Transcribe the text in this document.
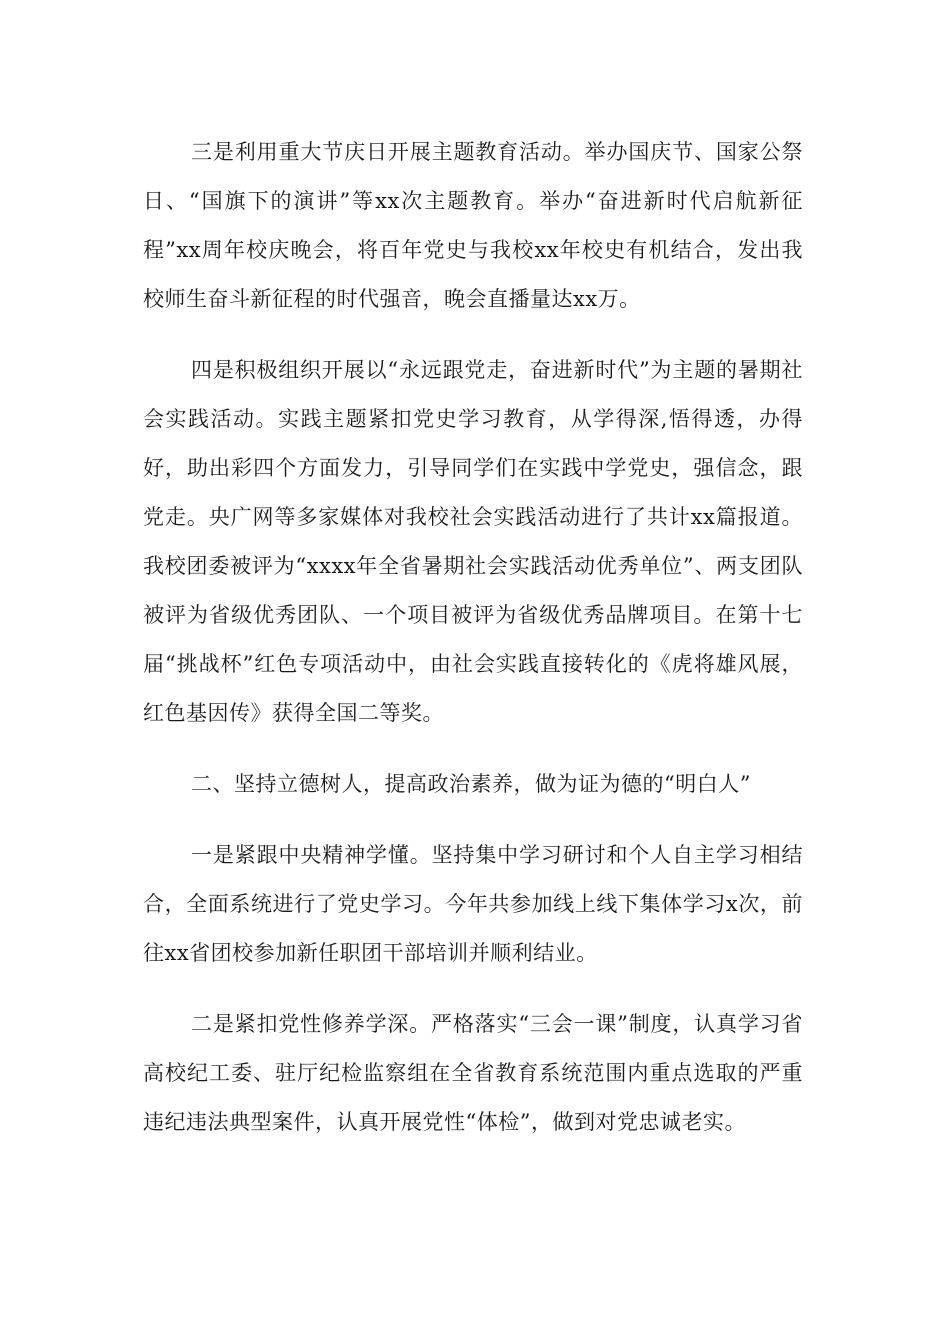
三是利用重大节庆日开展主题教育活动。举办国庆节、国家公祭日、“国旗下的演讲”等xx次主题教育。举办“奋进新时代启航新征程”xx周年校庆晚会，将百年党史与我校xx年校史有机结合，发出我校师生奋斗新征程的时代强音，晚会直播量达xx万。

四是积极组织开展以“永远跟党走，奋进新时代”为主题的暑期社会实践活动。实践主题紧扣党史学习教育，从学得深,悟得透，办得好，助出彩四个方面发力，引导同学们在实践中学党史，强信念，跟党走。央广网等多家媒体对我校社会实践活动进行了共计xx篇报道。我校团委被评为“xxxx年全省暑期社会实践活动优秀单位”、两支团队被评为省级优秀团队、一个项目被评为省级优秀品牌项目。在第十七届“挑战杯”红色专项活动中，由社会实践直接转化的《虎将雄风展，红色基因传》获得全国二等奖。

二、坚持立德树人，提高政治素养，做为证为德的“明白人”

一是紧跟中央精神学懂。坚持集中学习研讨和个人自主学习相结合，全面系统进行了党史学习。今年共参加线上线下集体学习x次，前往xx省团校参加新任职团干部培训并顺利结业。

二是紧扣党性修养学深。严格落实“三会一课”制度，认真学习省高校纪工委、驻厅纪检监察组在全省教育系统范围内重点选取的严重违纪违法典型案件，认真开展党性“体检”，做到对党忠诚老实。
